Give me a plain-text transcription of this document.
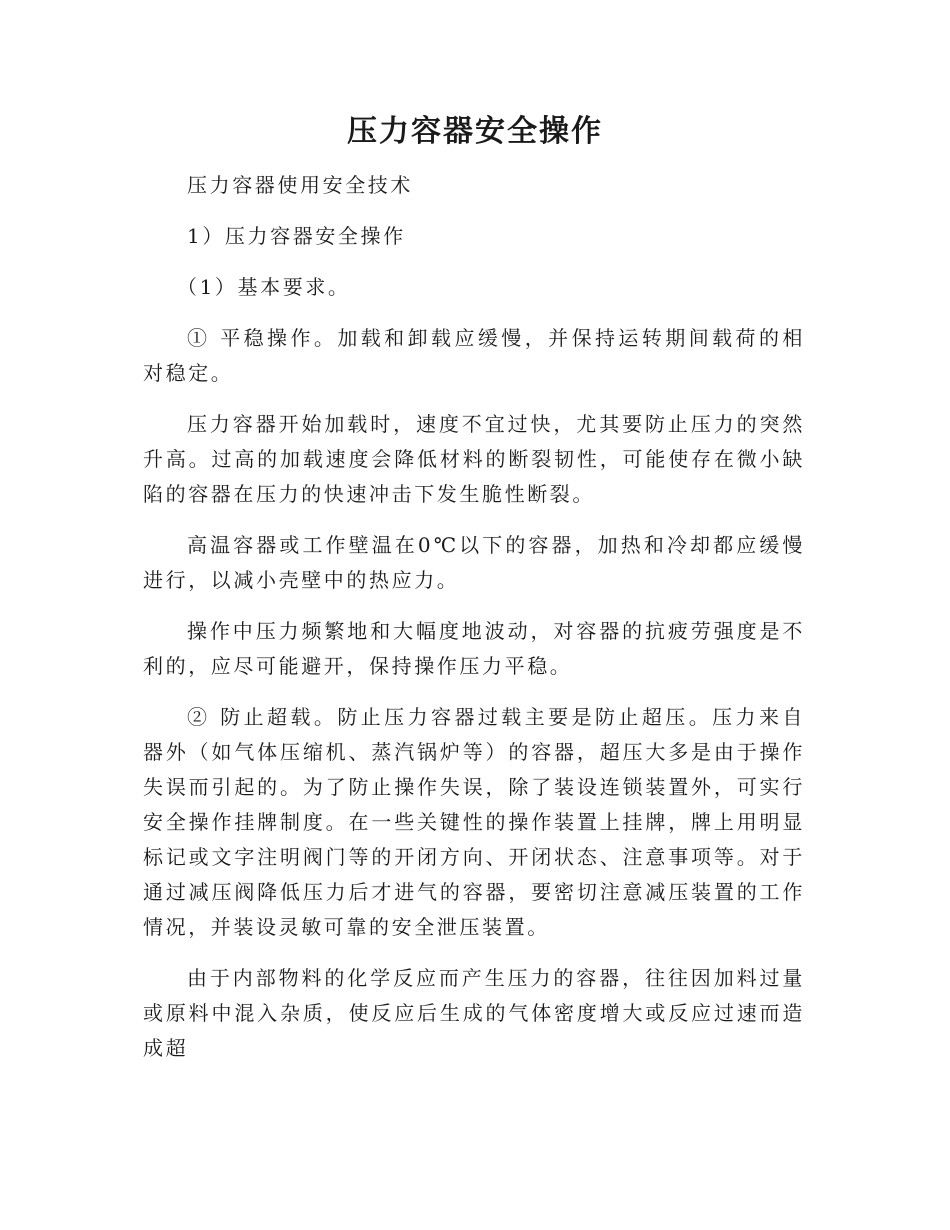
压力容器安全操作

压力容器使用安全技术

1）压力容器安全操作

（1）基本要求。

① 平稳操作。加载和卸载应缓慢，并保持运转期间载荷的相对稳定。

压力容器开始加载时，速度不宜过快，尤其要防止压力的突然升高。过高的加载速度会降低材料的断裂韧性，可能使存在微小缺陷的容器在压力的快速冲击下发生脆性断裂。

高温容器或工作壁温在0℃以下的容器，加热和冷却都应缓慢进行，以减小壳壁中的热应力。

操作中压力频繁地和大幅度地波动，对容器的抗疲劳强度是不利的，应尽可能避开，保持操作压力平稳。

② 防止超载。防止压力容器过载主要是防止超压。压力来自器外（如气体压缩机、蒸汽锅炉等）的容器，超压大多是由于操作失误而引起的。为了防止操作失误，除了装设连锁装置外，可实行安全操作挂牌制度。在一些关键性的操作装置上挂牌，牌上用明显标记或文字注明阀门等的开闭方向、开闭状态、注意事项等。对于通过减压阀降低压力后才进气的容器，要密切注意减压装置的工作情况，并装设灵敏可靠的安全泄压装置。

由于内部物料的化学反应而产生压力的容器，往往因加料过量或原料中混入杂质，使反应后生成的气体密度增大或反应过速而造成超
